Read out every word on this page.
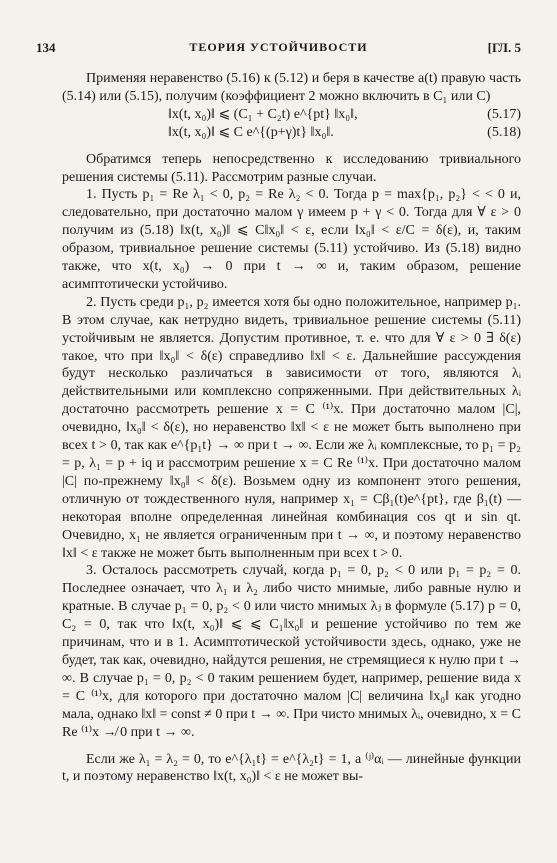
134	ТЕОРИЯ УСТОЙЧИВОСТИ	[ГЛ. 5

Применяя неравенство (5.16) к (5.12) и беря в качестве a(t) правую часть (5.14) или (5.15), получим (коэффициент 2 можно включить в C₁ или C)

‖x(t, x₀)‖ ⩽ (C₁ + C₂t) e^{pt} ‖x₀‖,	(5.17)
‖x(t, x₀)‖ ⩽ C e^{(p+γ)t} ‖x₀‖.	(5.18)

Обратимся теперь непосредственно к исследованию тривиального решения системы (5.11). Рассмотрим разные случаи.

1. Пусть p₁ = Re λ₁ < 0, p₂ = Re λ₂ < 0. Тогда p = max{p₁, p₂} < < 0 и, следовательно, при достаточно малом γ имеем p + γ < 0. Тогда для ∀ ε > 0 получим из (5.18) ‖x(t, x₀)‖ ⩽ C‖x₀‖ < ε, если ‖x₀‖ < ε/C = δ(ε), и, таким образом, тривиальное решение системы (5.11) устойчиво. Из (5.18) видно также, что x(t, x₀) → 0 при t → ∞ и, таким образом, решение асимптотически устойчиво.

2. Пусть среди p₁, p₂ имеется хотя бы одно положительное, например p₁. В этом случае, как нетрудно видеть, тривиальное решение системы (5.11) устойчивым не является. Допустим противное, т. е. что для ∀ ε > 0 ∃ δ(ε) такое, что при ‖x₀‖ < δ(ε) справедливо ‖x‖ < ε. Дальнейшие рассуждения будут несколько различаться в зависимости от того, являются λᵢ действительными или комплексно сопряженными. При действительных λᵢ достаточно рассмотреть решение x = C ⁽¹⁾x. При достаточно малом |C|, очевидно, ‖x₀‖ < δ(ε), но неравенство ‖x‖ < ε не может быть выполнено при всех t > 0, так как e^{p₁t} → ∞ при t → ∞. Если же λᵢ комплексные, то p₁ = p₂ = p, λ₁ = p + iq и рассмотрим решение x = C Re ⁽¹⁾x. При достаточно малом |C| по-прежнему ‖x₀‖ < δ(ε). Возьмем одну из компонент этого решения, отличную от тождественного нуля, например x₁ = Cβ₁(t)e^{pt}, где β₁(t) — некоторая вполне определенная линейная комбинация cos qt и sin qt. Очевидно, x₁ не является ограниченным при t → ∞, и поэтому неравенство ‖x‖ < ε также не может быть выполненным при всех t > 0.

3. Осталось рассмотреть случай, когда p₁ = 0, p₂ < 0 или p₁ = p₂ = 0. Последнее означает, что λ₁ и λ₂ либо чисто мнимые, либо равные нулю и кратные. В случае p₁ = 0, p₂ < 0 или чисто мнимых λⱼ в формуле (5.17) p = 0, C₂ = 0, так что ‖x(t, x₀)‖ ⩽ ⩽ C₁‖x₀‖ и решение устойчиво по тем же причинам, что и в 1. Асимптотической устойчивости здесь, однако, уже не будет, так как, очевидно, найдутся решения, не стремящиеся к нулю при t → ∞. В случае p₁ = 0, p₂ < 0 таким решением будет, например, решение вида x = C ⁽¹⁾x, для которого при достаточно малом |C| величина ‖x₀‖ как угодно мала, однако ‖x‖ = const ≠ 0 при t → ∞. При чисто мнимых λᵢ, очевидно, x = C Re ⁽¹⁾x ↛ 0 при t → ∞.

Если же λ₁ = λ₂ = 0, то e^{λ₁t} = e^{λ₂t} = 1, а ⁽ʲ⁾αᵢ — линейные функции t, и поэтому неравенство ‖x(t, x₀)‖ < ε не может вы-
